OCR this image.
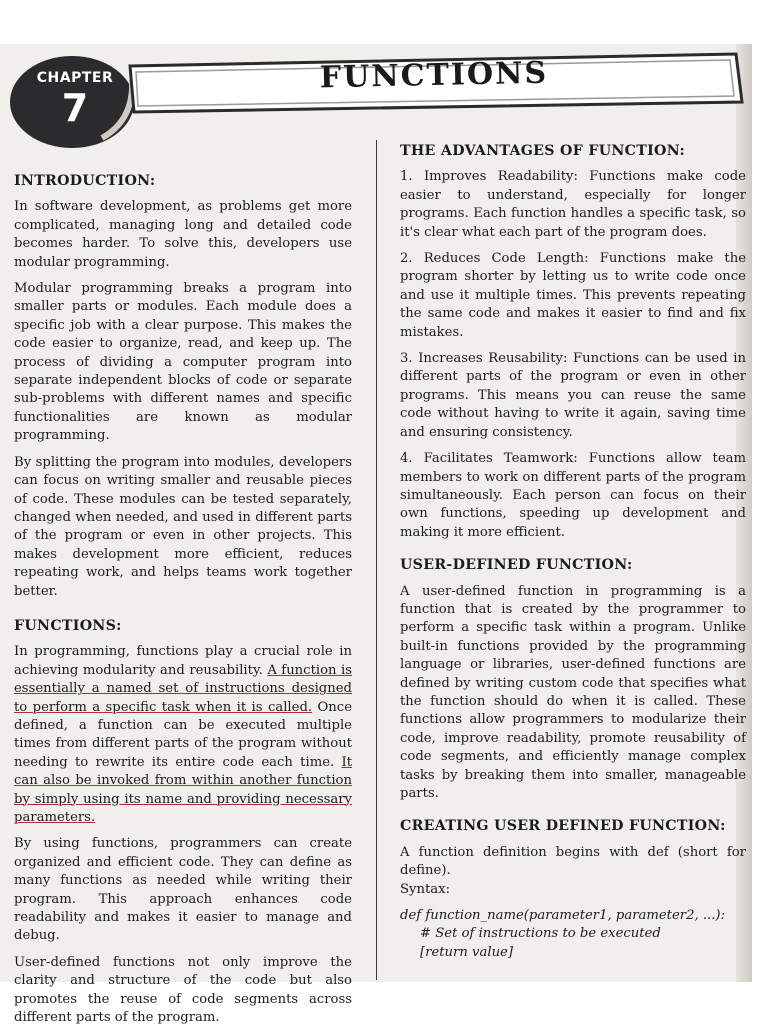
CHAPTER
7
FUNCTIONS
INTRODUCTION:

In software development, as problems get more complicated, managing long and detailed code becomes harder. To solve this, developers use modular programming.

Modular programming breaks a program into smaller parts or modules. Each module does a specific job with a clear purpose. This makes the code easier to organize, read, and keep up. The process of dividing a computer program into separate independent blocks of code or separate sub-problems with different names and specific functionalities are known as modular programming.

By splitting the program into modules, developers can focus on writing smaller and reusable pieces of code. These modules can be tested separately, changed when needed, and used in different parts of the program or even in other projects. This makes development more efficient, reduces repeating work, and helps teams work together better.

FUNCTIONS:

In programming, functions play a crucial role in achieving modularity and reusability. A function is essentially a named set of instructions designed to perform a specific task when it is called. Once defined, a function can be executed multiple times from different parts of the program without needing to rewrite its entire code each time. It can also be invoked from within another function by simply using its name and providing necessary parameters.

By using functions, programmers can create organized and efficient code. They can define as many functions as needed while writing their program. This approach enhances code readability and makes it easier to manage and debug.

User-defined functions not only improve the clarity and structure of the code but also promotes the reuse of code segments across different parts of the program.

THE ADVANTAGES OF FUNCTION:

1. Improves Readability: Functions make code easier to understand, especially for longer programs. Each function handles a specific task, so it's clear what each part of the program does.

2. Reduces Code Length: Functions make the program shorter by letting us to write code once and use it multiple times. This prevents repeating the same code and makes it easier to find and fix mistakes.

3. Increases Reusability: Functions can be used in different parts of the program or even in other programs. This means you can reuse the same code without having to write it again, saving time and ensuring consistency.

4. Facilitates Teamwork: Functions allow team members to work on different parts of the program simultaneously. Each person can focus on their own functions, speeding up development and making it more efficient.

USER-DEFINED FUNCTION:

A user-defined function in programming is a function that is created by the programmer to perform a specific task within a program. Unlike built-in functions provided by the programming language or libraries, user-defined functions are defined by writing custom code that specifies what the function should do when it is called. These functions allow programmers to modularize their code, improve readability, promote reusability of code segments, and efficiently manage complex tasks by breaking them into smaller, manageable parts.

CREATING USER DEFINED FUNCTION:

A function definition begins with def (short for define).

Syntax:

def function_name(parameter1, parameter2, ...):
# Set of instructions to be executed
[return value]
